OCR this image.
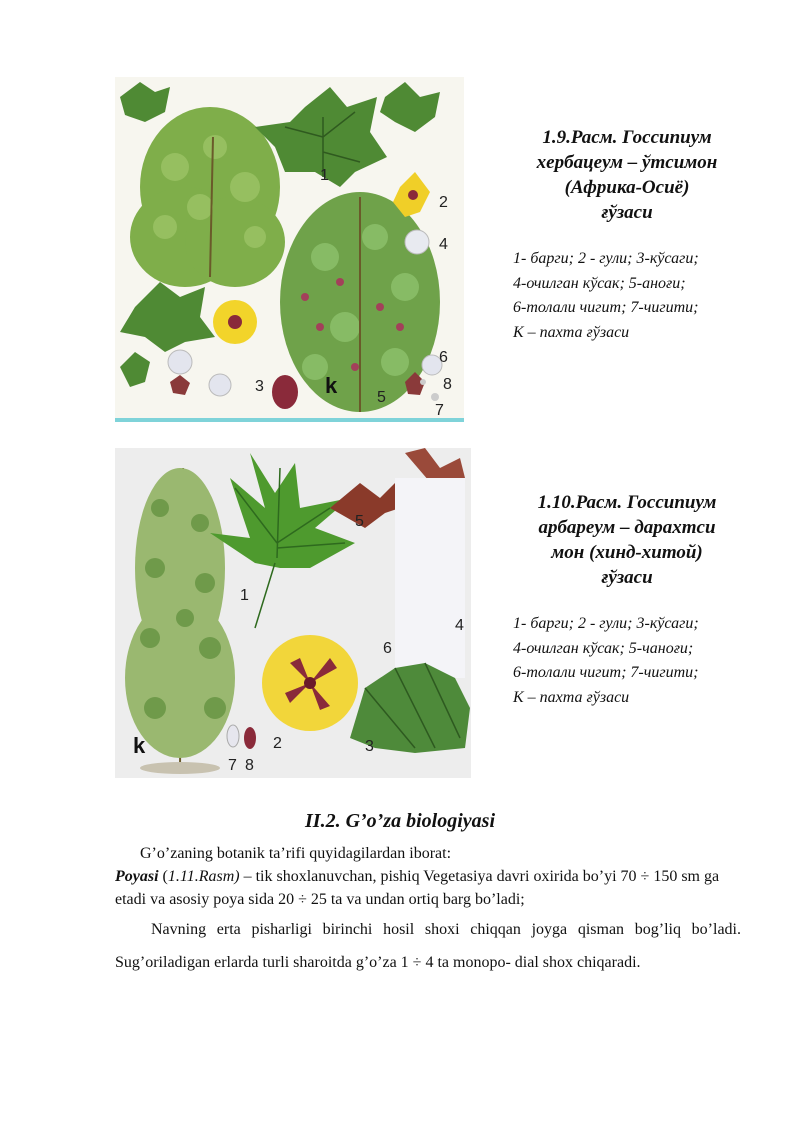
1
2
4
6
8
7
5
3	k
1.9.Расм. Госсипиум
хербацеум – ўтсимон
(Африка-Осиё)
ғўзаси
1- барги; 2 - гули; 3-кўсаги;
4-очилган кўсак; 5-аноғи;
6-толали чигит; 7-чигити;
К – пахта ғўзаси
1
2	3
4
5
6
7 8
k
1.10.Расм. Госсипиум
арбареум – дарахтси
мон (хинд-хитой)
ғўзаси
1- барги; 2 - гули; 3-кўсаги;
4-очилган кўсак; 5-чаноғи;
6-толали чигит; 7-чигити;
К – пахта ғўзаси
II.2. G’o’za biologiyasi
G’o’zaning botanik ta’rifi quyidagilardan iborat:
Poyasi (1.11.Rasm) – tik shoxlanuvchan, pishiq Vegetasiya davri oxirida bo’yi 70 ÷ 150 sm ga etadi va asosiy poya sida 20 ÷ 25 ta va undan ortiq barg bo’ladi;
Navning erta pisharligi birinchi hosil shoxi chiqqan joyga qisman bog’liq bo’ladi. Sug’oriladigan erlarda turli sharoitda g’o’za 1 ÷ 4 ta monopo- dial shox chiqaradi.
